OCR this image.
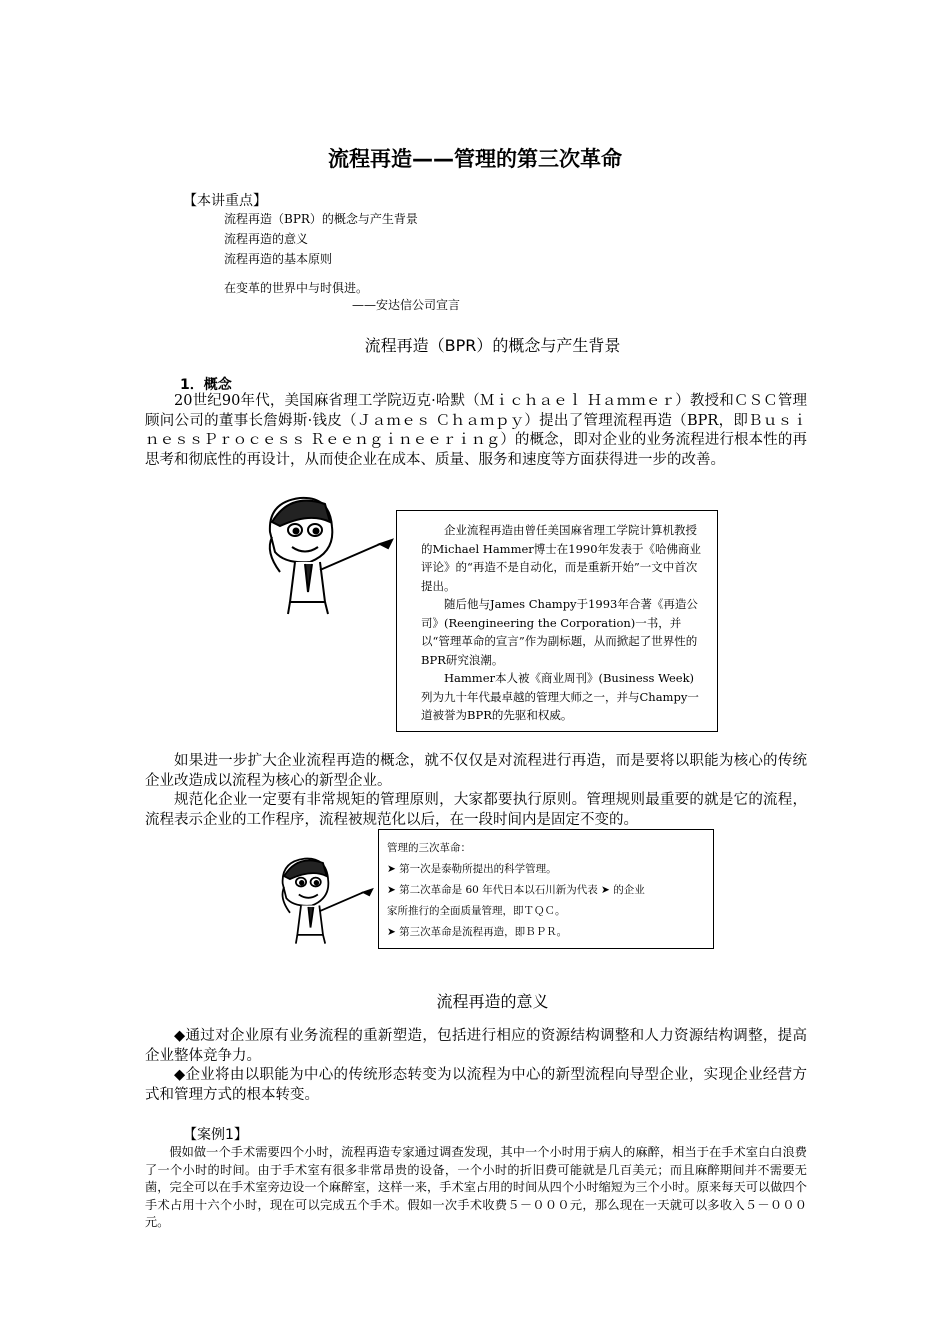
流程再造——管理的第三次革命
【本讲重点】
流程再造（BPR）的概念与产生背景
流程再造的意义
流程再造的基本原则
在变革的世界中与时俱进。
——安达信公司宣言
流程再造（BPR）的概念与产生背景
1．概念

20世纪90年代，美国麻省理工学院迈克·哈默（Ｍｉｃｈａｅｌ Ｈａｍｍｅｒ）教授和ＣＳＣ管理顾问公司的董事长詹姆斯·钱皮（Ｊａｍｅｓ Ｃｈａｍｐｙ）提出了管理流程再造（BPR，即ＢｕｓｉｎｅｓｓＰｒｏｃｅｓｓ Ｒｅｅｎｇｉｎｅｅｒｉｎｇ）的概念，即对企业的业务流程进行根本性的再思考和彻底性的再设计，从而使企业在成本、质量、服务和速度等方面获得进一步的改善。

企业流程再造由曾任美国麻省理工学院计算机教授的Michael Hammer博士在1990年发表于《哈佛商业评论》的“再造不是自动化，而是重新开始”一文中首次提出。

随后他与James Champy于1993年合著《再造公司》(Reengineering the Corporation)一书，并以“管理革命的宣言”作为副标题，从而掀起了世界性的BPR研究浪潮。

Hammer本人被《商业周刊》(Business Week)列为九十年代最卓越的管理大师之一，并与Champy一道被誉为BPR的先驱和权威。

如果进一步扩大企业流程再造的概念，就不仅仅是对流程进行再造，而是要将以职能为核心的传统企业改造成以流程为核心的新型企业。

规范化企业一定要有非常规矩的管理原则，大家都要执行原则。管理规则最重要的就是它的流程，流程表示企业的工作程序，流程被规范化以后，在一段时间内是固定不变的。

管理的三次革命：
➤ 第一次是泰勒所提出的科学管理。
➤ 第二次革命是 60 年代日本以石川新为代表 ➤ 的企业
家所推行的全面质量管理，即ＴＱＣ。
➤ 第三次革命是流程再造，即ＢＰＲ。
流程再造的意义

◆通过对企业原有业务流程的重新塑造，包括进行相应的资源结构调整和人力资源结构调整，提高企业整体竞争力。

◆企业将由以职能为中心的传统形态转变为以流程为中心的新型流程向导型企业，实现企业经营方式和管理方式的根本转变。

【案例1】

假如做一个手术需要四个小时，流程再造专家通过调查发现，其中一个小时用于病人的麻醉，相当于在手术室白白浪费了一个小时的时间。由于手术室有很多非常昂贵的设备，一个小时的折旧费可能就是几百美元；而且麻醉期间并不需要无菌，完全可以在手术室旁边设一个麻醉室，这样一来，手术室占用的时间从四个小时缩短为三个小时。原来每天可以做四个手术占用十六个小时，现在可以完成五个手术。假如一次手术收费５－０００元，那么现在一天就可以多收入５－０００元。
